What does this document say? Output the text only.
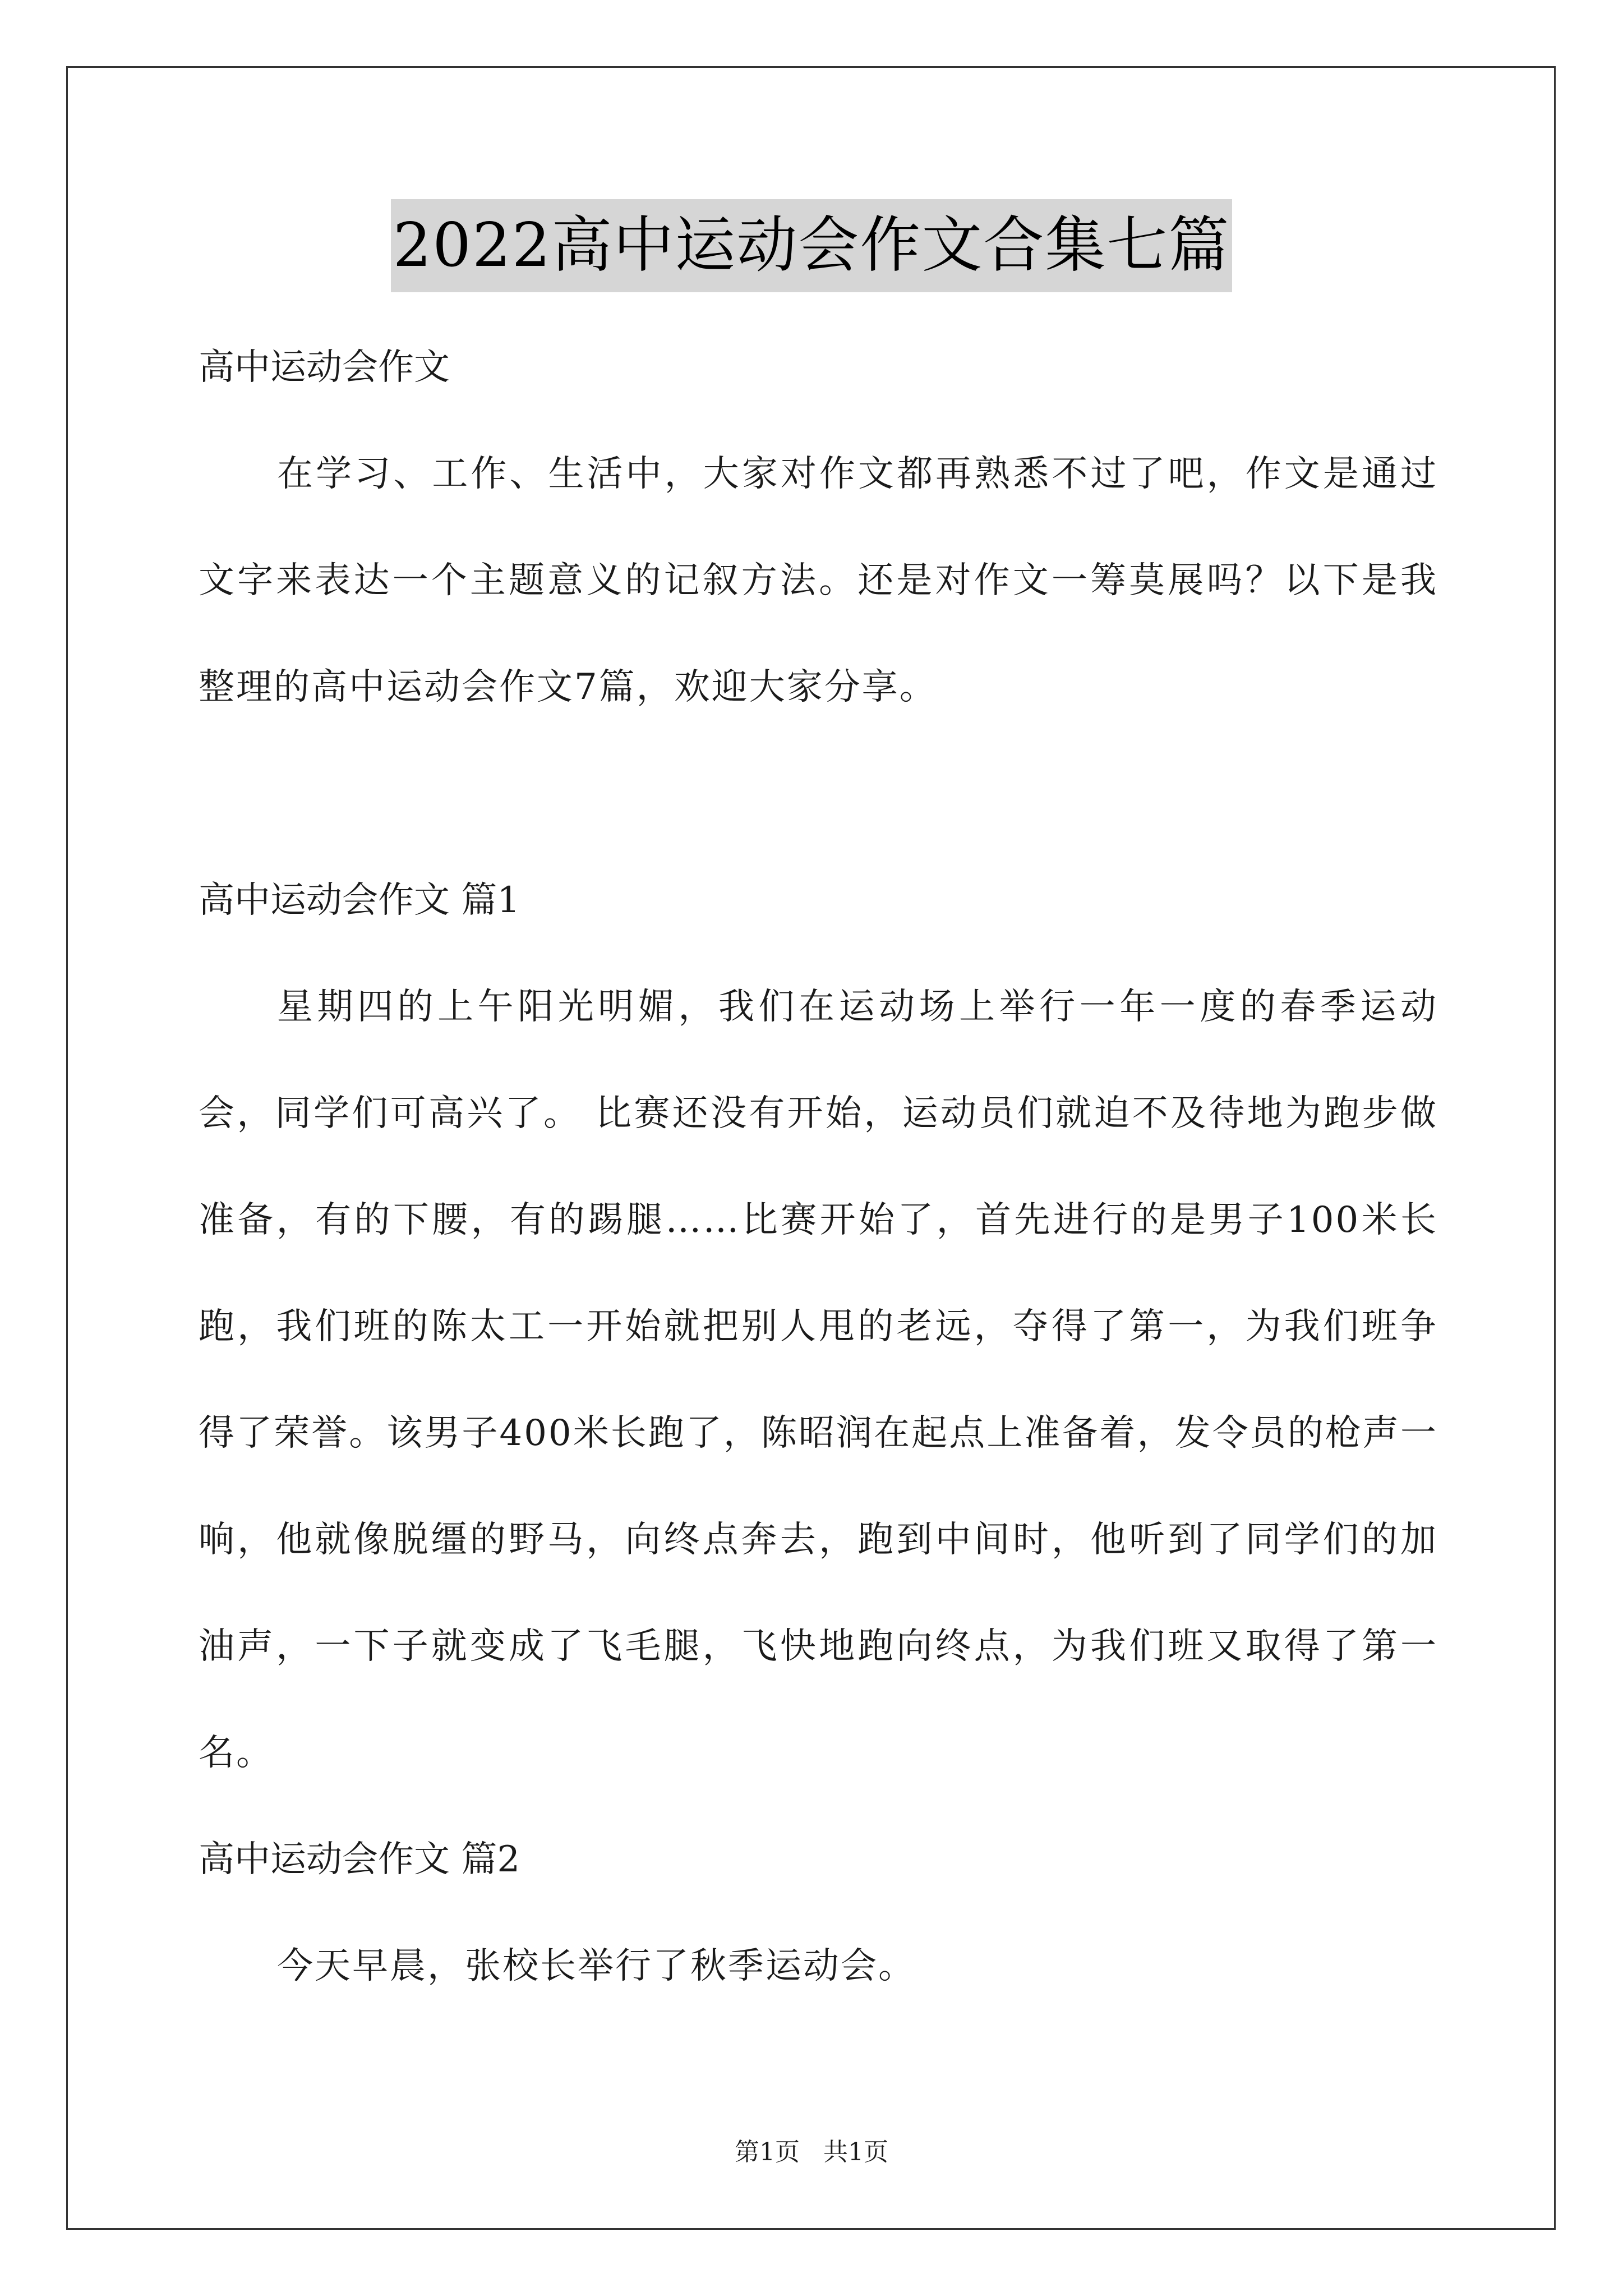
2022高中运动会作文合集七篇

高中运动会作文

在学习、工作、生活中，大家对作文都再熟悉不过了吧，作文是通过文字来表达一个主题意义的记叙方法。还是对作文一筹莫展吗？以下是我整理的高中运动会作文7篇，欢迎大家分享。

高中运动会作文 篇1

星期四的上午阳光明媚，我们在运动场上举行一年一度的春季运动会，同学们可高兴了。 比赛还没有开始，运动员们就迫不及待地为跑步做准备，有的下腰，有的踢腿……比赛开始了，首先进行的是男子100米长跑，我们班的陈太工一开始就把别人甩的老远，夺得了第一，为我们班争得了荣誉。该男子400米长跑了，陈昭润在起点上准备着，发令员的枪声一响，他就像脱缰的野马，向终点奔去，跑到中间时，他听到了同学们的加油声，一下子就变成了飞毛腿，飞快地跑向终点，为我们班又取得了第一名。

高中运动会作文 篇2

今天早晨，张校长举行了秋季运动会。

第1页 共1页
